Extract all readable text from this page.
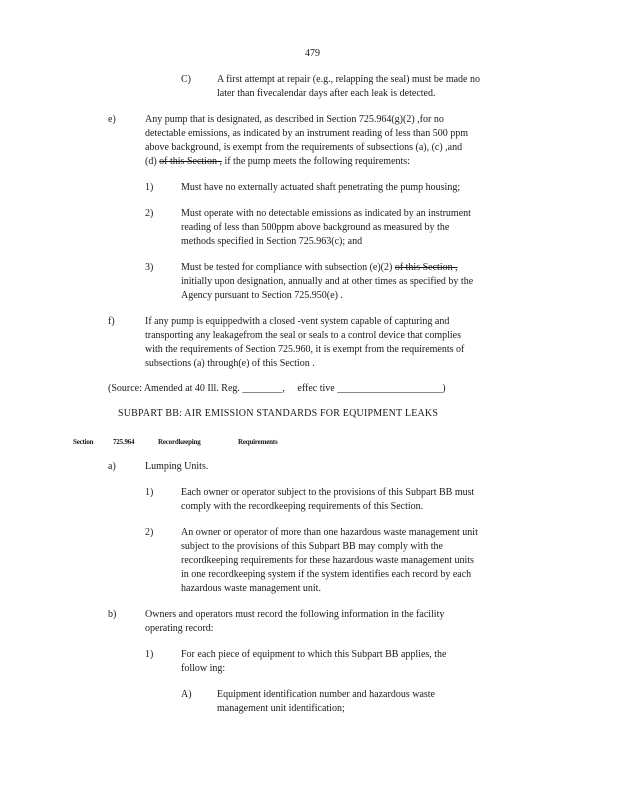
479

C)	A first attempt at repair (e.g., relapping the seal) must be made no

later than fivecalendar days after each leak is detected.

e)	Any pump that is designated, as described in Section 725.964(g)(2) ,for no

detectable emissions, as indicated by an instrument reading of less than 500 ppm

above background, is exempt from the requirements of subsections (a), (c) ,and

(d) of this Section , if the pump meets the following requirements:

1)	Must have no externally actuated shaft penetrating the pump housing;

2)	Must operate with no detectable emissions as indicated by an instrument

reading of less than 500ppm above background as measured by the

methods specified in Section 725.963(c); and

3)	Must be tested for compliance with subsection (e)(2) of this Section ,

initially upon designation, annually and at other times as specified by the

Agency pursuant to Section 725.950(e) .

f)	If any pump is equippedwith a closed -vent system capable of capturing and

transporting any leakagefrom the seal or seals to a control device that complies

with the requirements of Section 725.960, it is exempt from the requirements of

subsections (a) through(e) of this Section .

(Source: Amended at 40 Ill. Reg. ________, effec tive _____________________)

SUBPART BB: AIR EMISSION STANDARDS FOR EQUIPMENT LEAKS

Section	725.964	Recordkeeping	Requirements

a)	Lumping Units.

1)	Each owner or operator subject to the provisions of this Subpart BB must

comply with the recordkeeping requirements of this Section.

2)	An owner or operator of more than one hazardous waste management unit

subject to the provisions of this Subpart BB may comply with the

recordkeeping requirements for these hazardous waste management units

in one recordkeeping system if the system identifies each record by each

hazardous waste management unit.

b)	Owners and operators must record the following information in the facility

operating record:

1)	For each piece of equipment to which this Subpart BB applies, the

follow ing:

A)	Equipment identification number and hazardous waste

management unit identification;
